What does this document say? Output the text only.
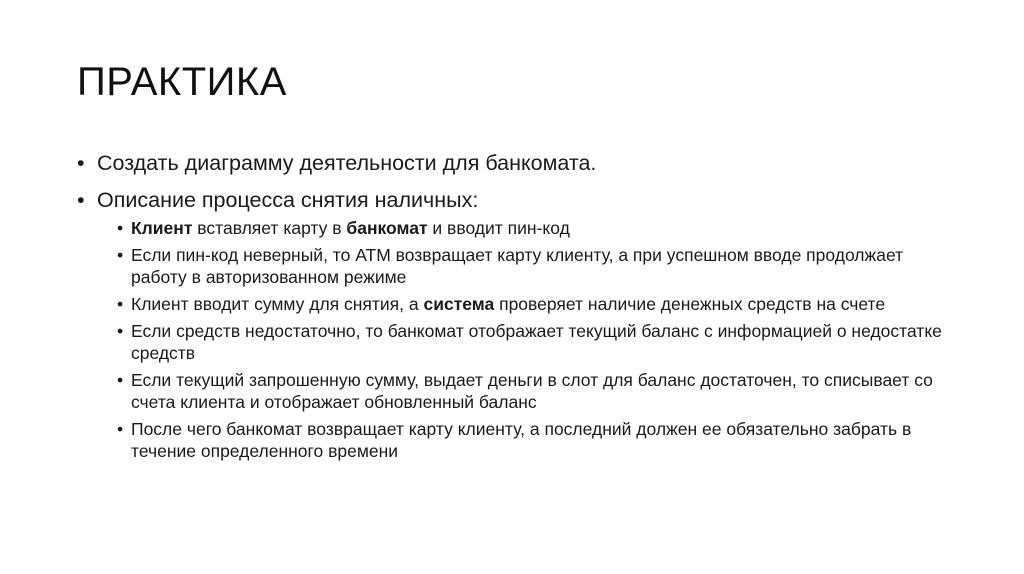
ПРАКТИКА
• Создать диаграмму деятельности для банкомата.
• Описание процесса снятия наличных:
• Клиент вставляет карту в банкомат и вводит пин-код
• Если пин-код неверный, то АТМ возвращает карту клиенту, а при успешном вводе продолжает работу в авторизованном режиме
• Клиент вводит сумму для снятия, а система проверяет наличие денежных средств на счете
• Если средств недостаточно, то банкомат отображает текущий баланс с информацией о недостатке средств
• Если текущий запрошенную сумму, выдает деньги в слот для баланс достаточен, то списывает со счета клиента и отображает обновленный баланс
• После чего банкомат возвращает карту клиенту, а последний должен ее обязательно забрать в течение определенного времени
